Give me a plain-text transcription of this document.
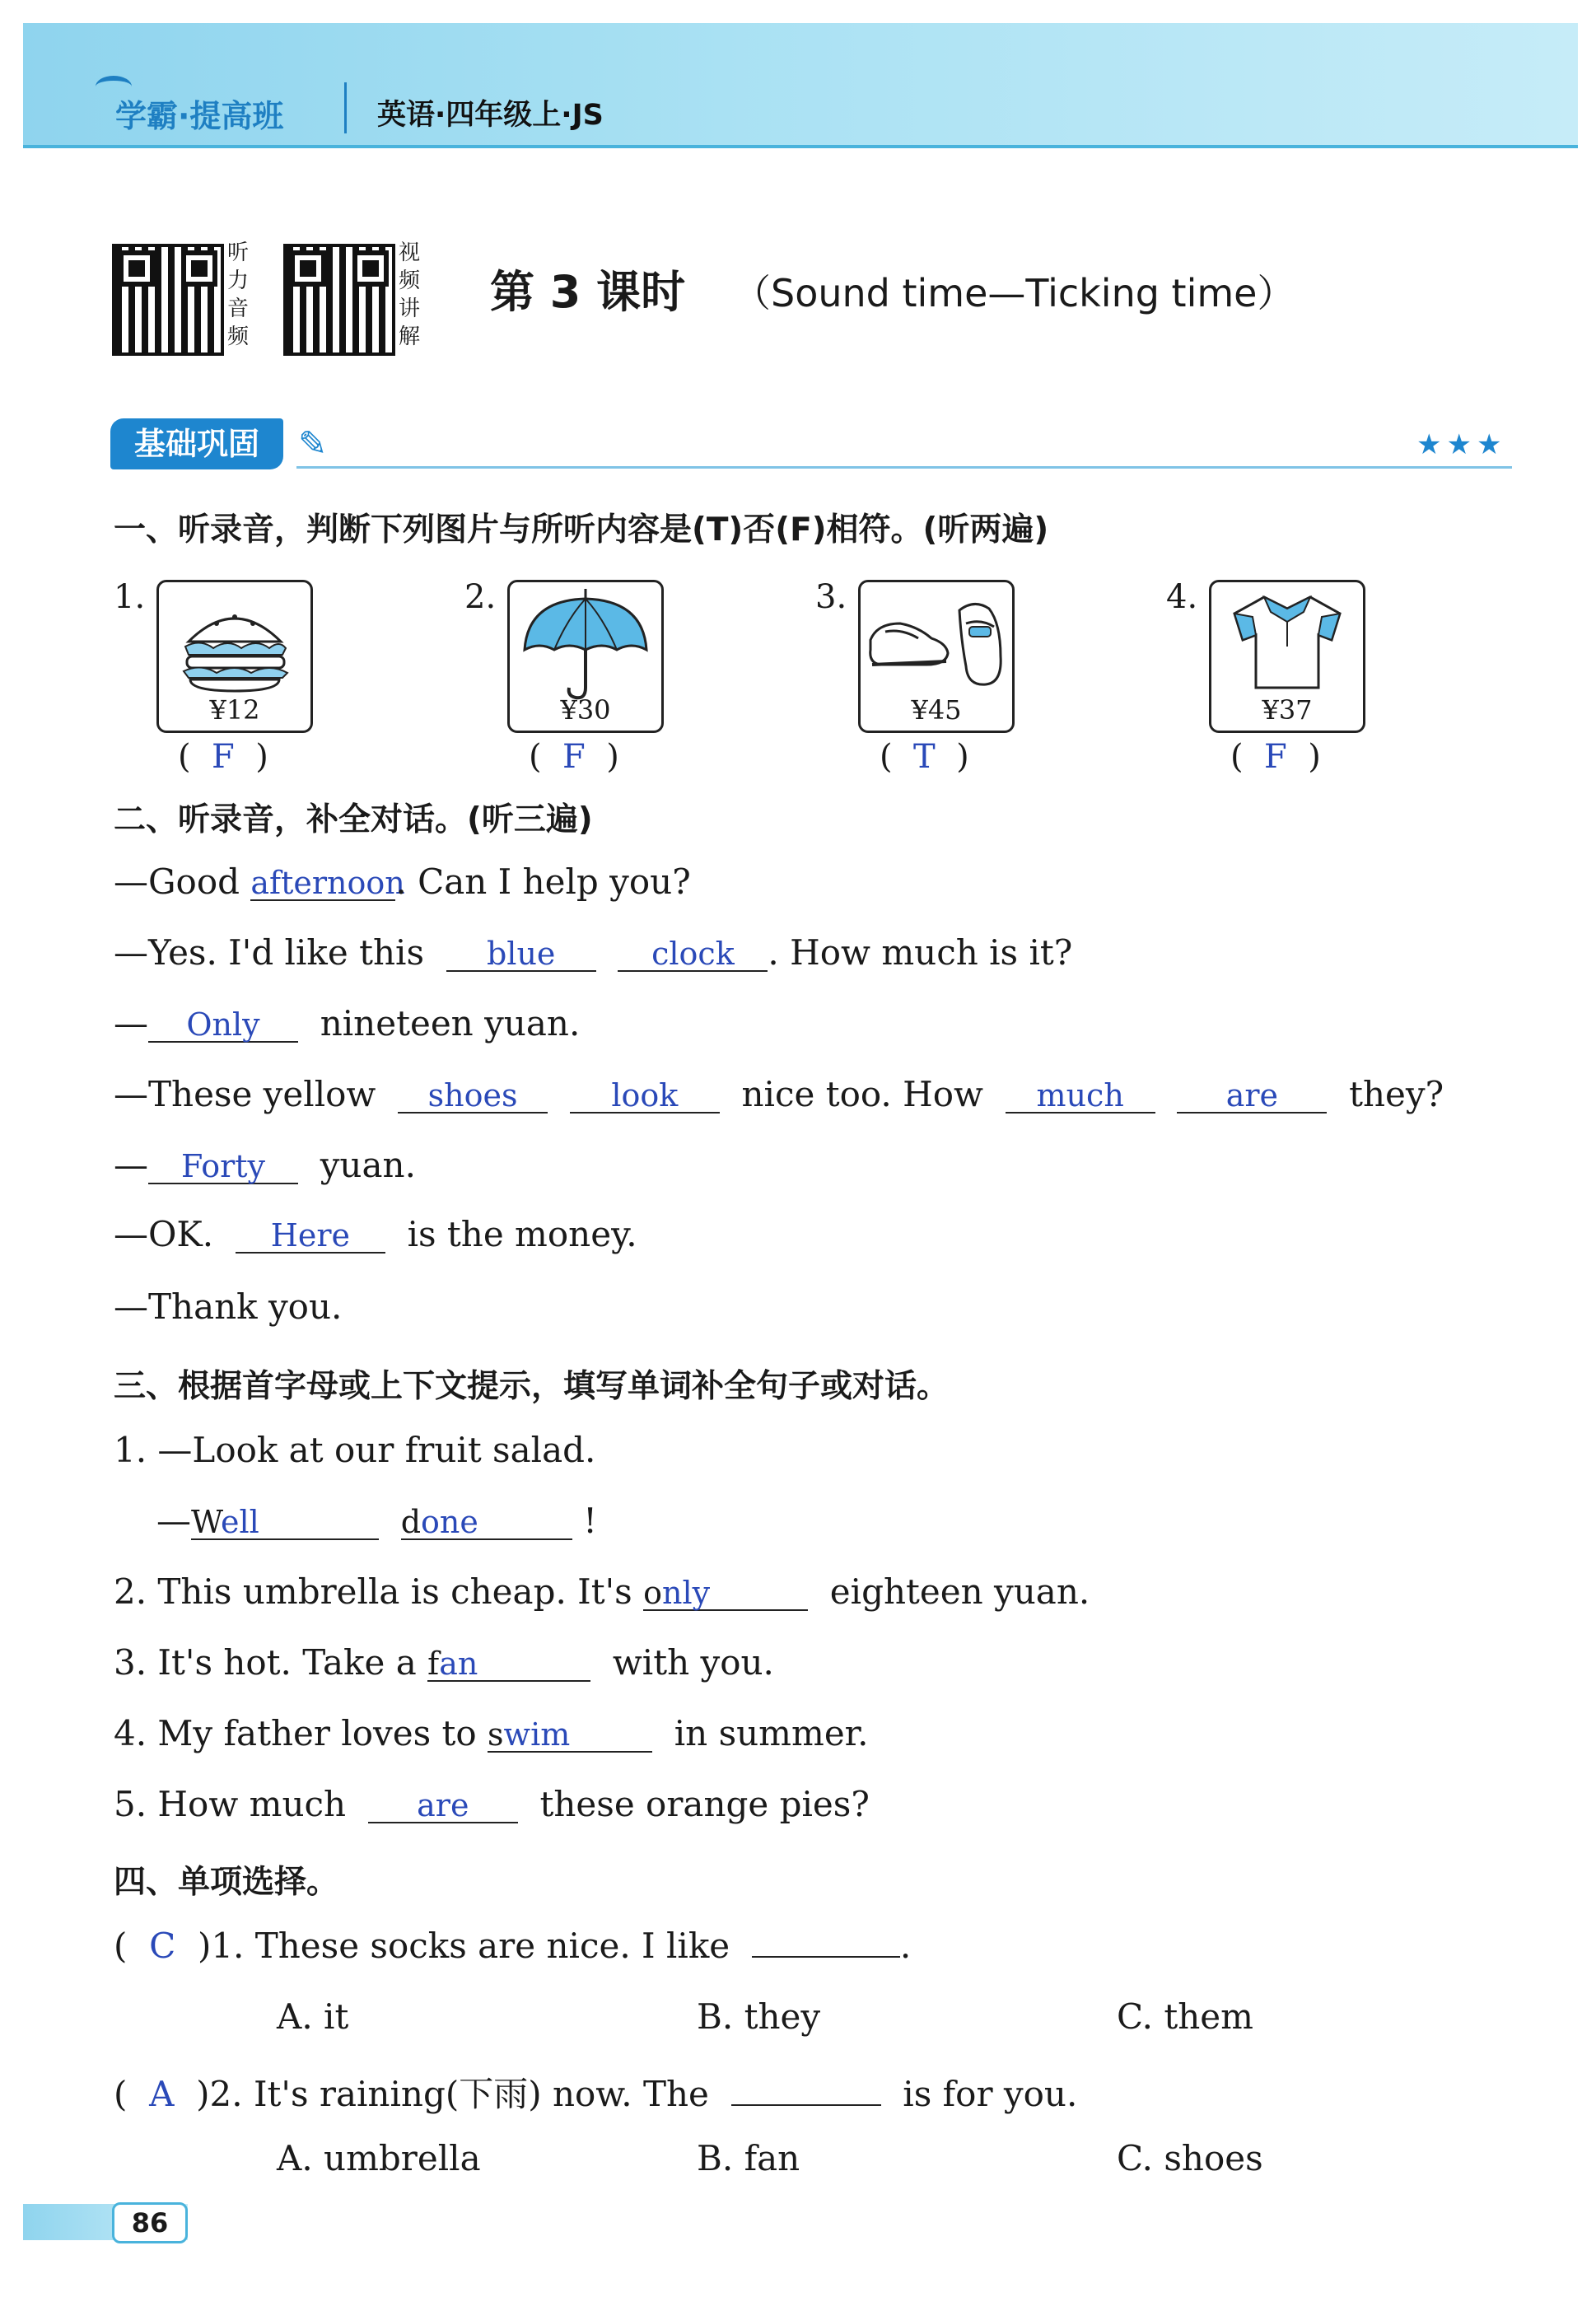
学霸·提高班	英语·四年级上·JS
听
力
音
频
视
频
讲
解
第 3 课时 （Sound time—Ticking time）
基础巩固	✎	★★★
一、听录音，判断下列图片与所听内容是(T)否(F)相符。(听两遍)
1.
¥12
(  F  )
2.
¥30
(  F  )
3.
¥45
(  T  )
4.
¥37
(  F  )
二、听录音，补全对话。(听三遍)
—Good afternoon. Can I help you?
—Yes. I'd like this blue	clock . How much is it?
— Only nineteen yuan.
—These yellow shoes	look nice too. How much	are they?
— Forty yuan.
—OK. Here is the money.
—Thank you.
三、根据首字母或上下文提示，填写单词补全句子或对话。
1. —Look at our fruit salad.
—Well	done	!
2. This umbrella is cheap. It's only	eighteen yuan.
3. It's hot. Take a fan	with you.
4. My father loves to swim	in summer.
5. How much are these orange pies?
四、单项选择。
(  C )1. These socks are nice. I like	.
A. it	B. they	C. them
(  A )2. It's raining(下雨) now. The	is for you.
A. umbrella	B. fan	C. shoes
86
